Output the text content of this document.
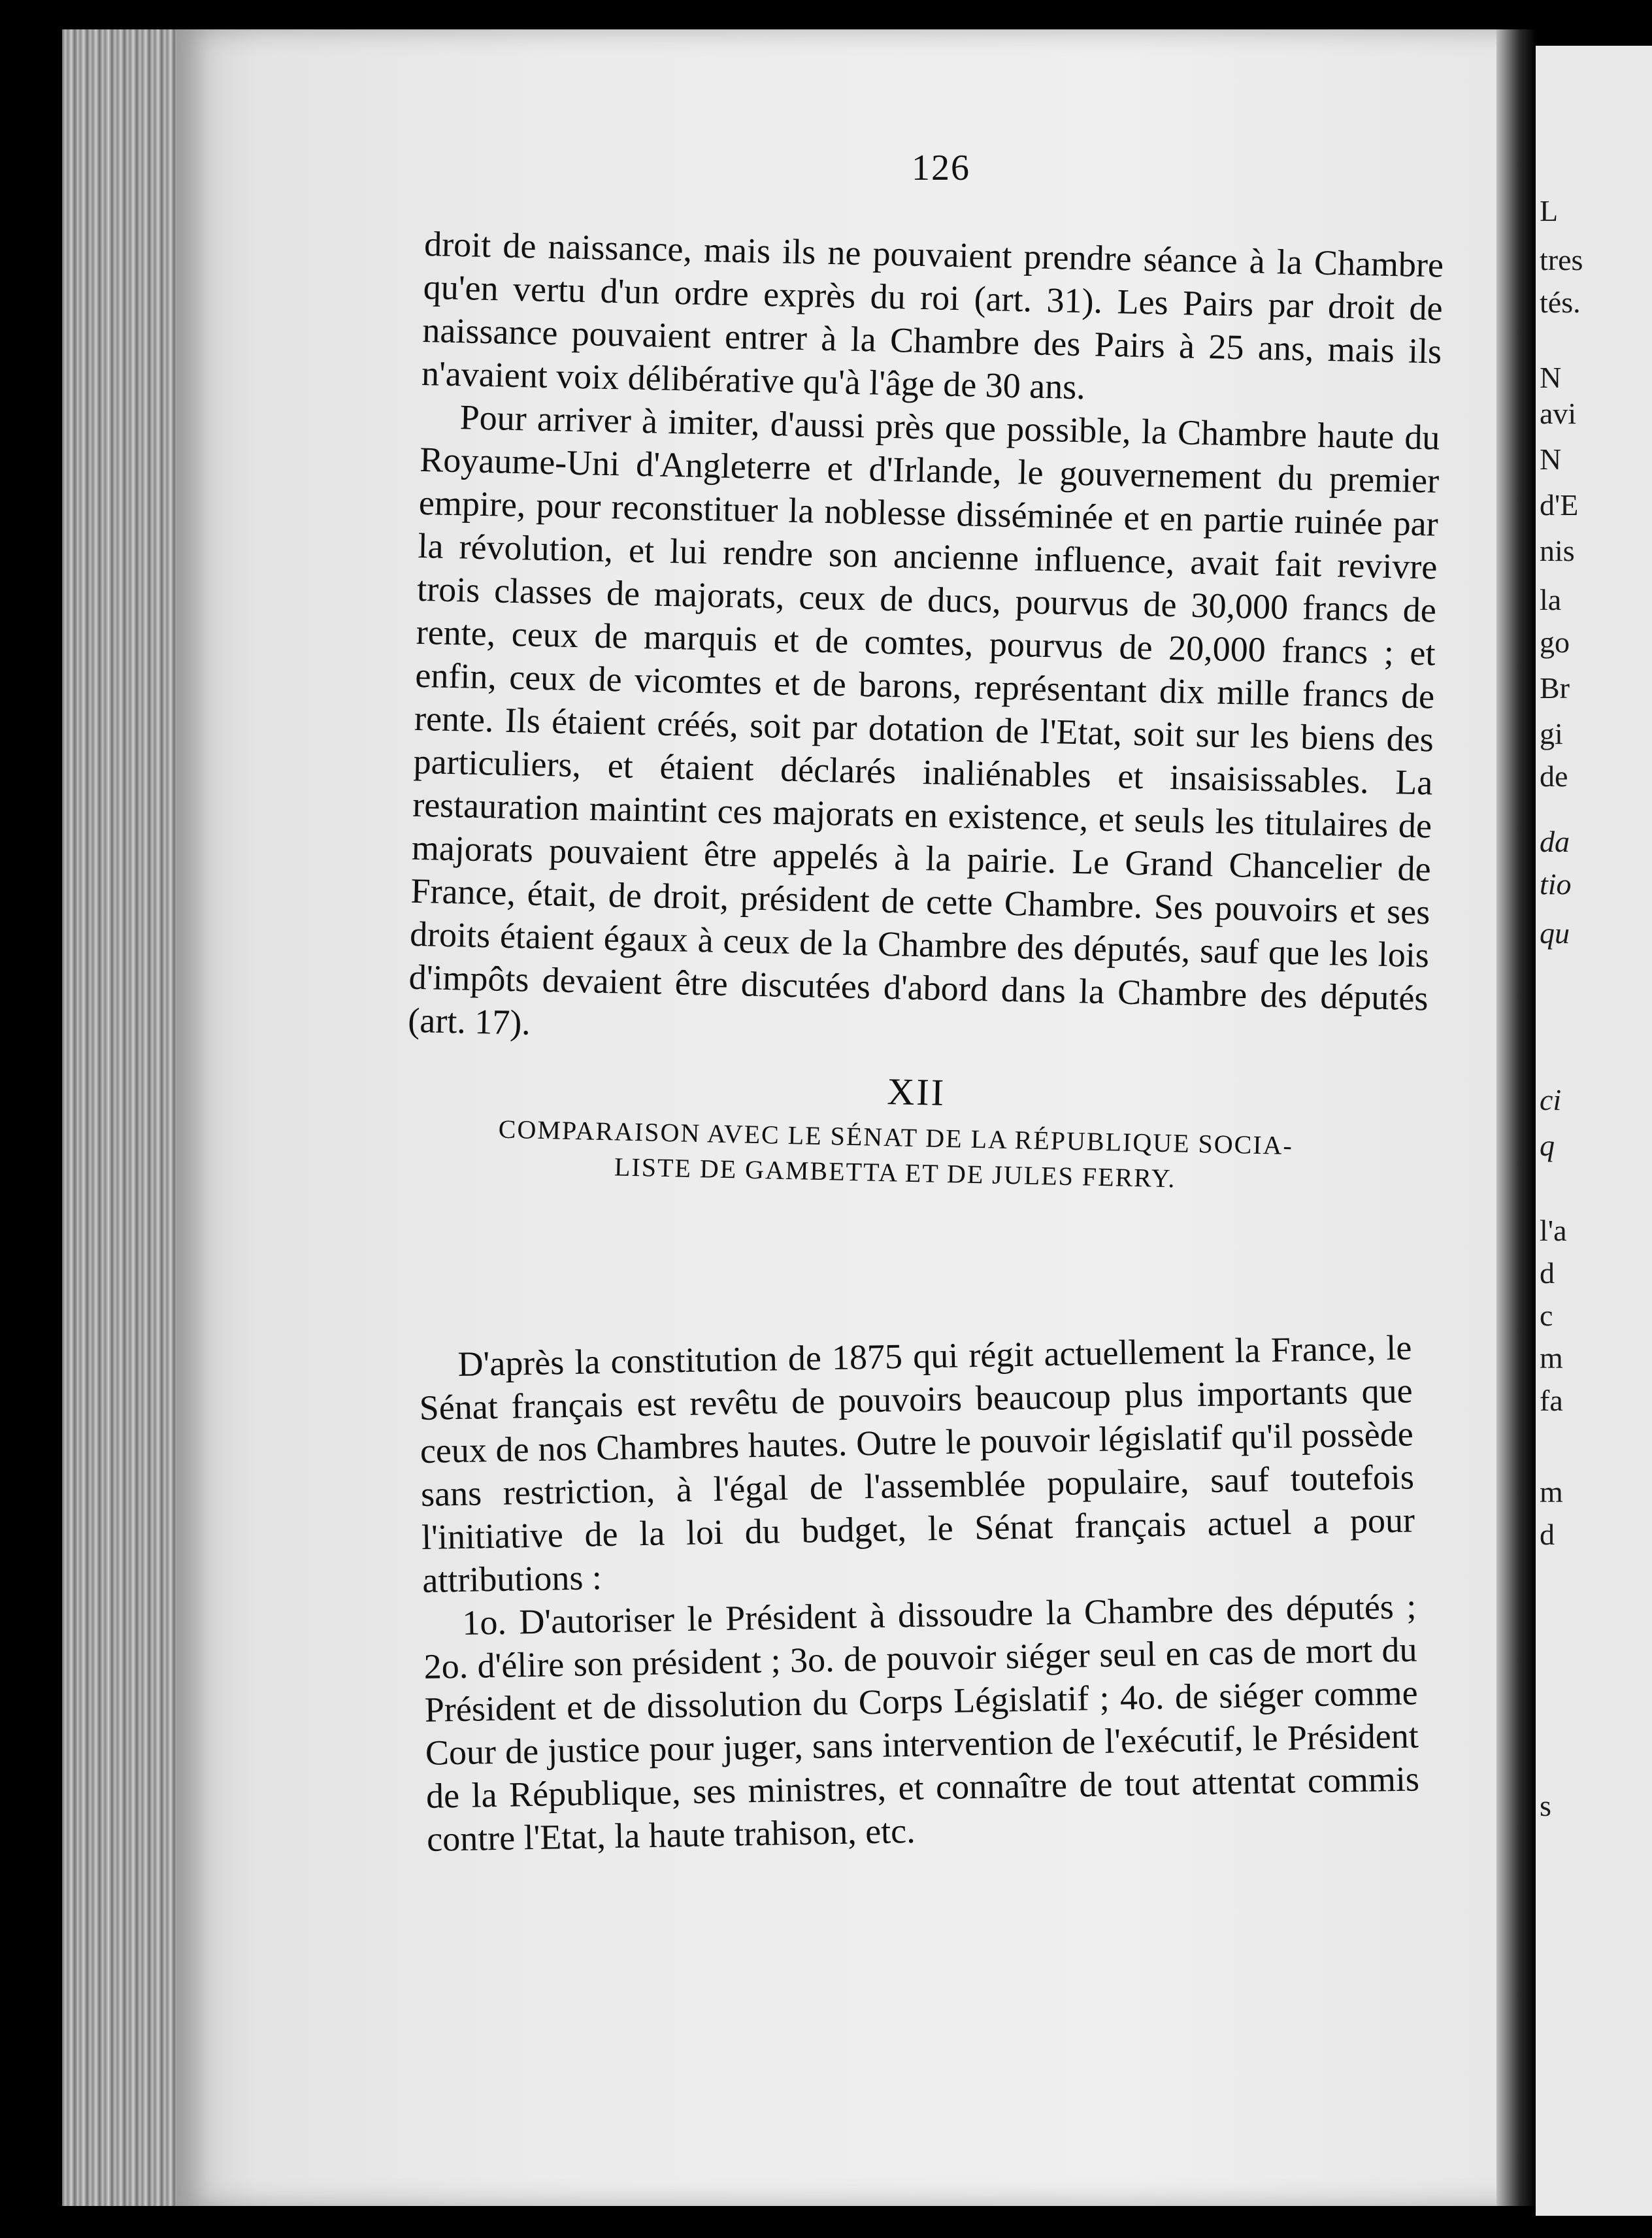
126

droit de naissance, mais ils ne pouvaient prendre séance à la Chambre qu'en vertu d'un ordre exprès du roi (art. 31). Les Pairs par droit de naissance pouvaient entrer à la Chambre des Pairs à 25 ans, mais ils n'avaient voix délibérative qu'à l'âge de 30 ans.

Pour arriver à imiter, d'aussi près que possible, la Chambre haute du Royaume-Uni d'Angleterre et d'Irlande, le gouvernement du premier empire, pour reconstituer la noblesse disséminée et en partie ruinée par la révolution, et lui rendre son ancienne influence, avait fait revivre trois classes de majorats, ceux de ducs, pourvus de 30,000 francs de rente, ceux de marquis et de comtes, pourvus de 20,000 francs ; et enfin, ceux de vicomtes et de barons, représentant dix mille francs de rente. Ils étaient créés, soit par dotation de l'Etat, soit sur les biens des particuliers, et étaient déclarés inaliénables et insaisissables. La restauration maintint ces majorats en existence, et seuls les titulaires de majorats pouvaient être appelés à la pairie. Le Grand Chancelier de France, était, de droit, président de cette Chambre. Ses pouvoirs et ses droits étaient égaux à ceux de la Chambre des députés, sauf que les lois d'impôts devaient être discutées d'abord dans la Chambre des députés (art. 17).

XII
COMPARAISON AVEC LE SÉNAT DE LA RÉPUBLIQUE SOCIA-
LISTE DE GAMBETTA ET DE JULES FERRY.

D'après la constitution de 1875 qui régit actuellement la France, le Sénat français est revêtu de pouvoirs beaucoup plus importants que ceux de nos Chambres hautes. Outre le pouvoir législatif qu'il possède sans restriction, à l'égal de l'assemblée populaire, sauf toutefois l'initiative de la loi du budget, le Sénat français actuel a pour attributions :

1o. D'autoriser le Président à dissoudre la Chambre des députés ; 2o. d'élire son président ; 3o. de pouvoir siéger seul en cas de mort du Président et de dissolution du Corps Législatif ; 4o. de siéger comme Cour de justice pour juger, sans intervention de l'exécutif, le Président de la République, ses ministres, et connaître de tout attentat commis contre l'Etat, la haute trahison, etc.

L
tres
tés.
N
avi
N
d'E
nis
la
go
Br
gi
de
da
tio
qu
ci
q
l'a
d
c
m
fa
m
d
s
